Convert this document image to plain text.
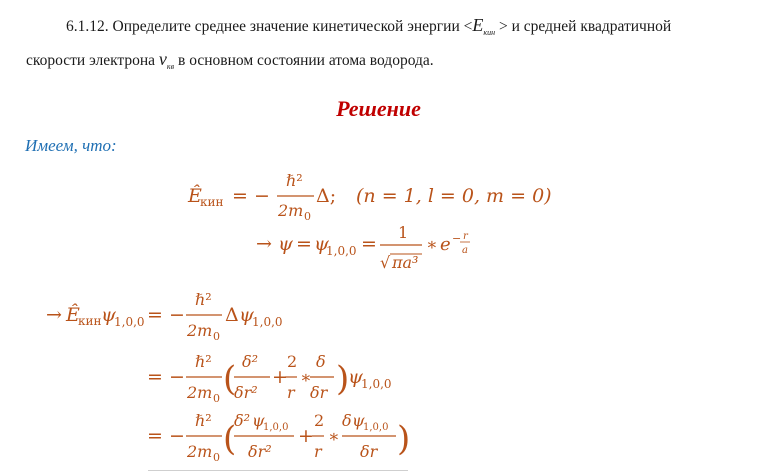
6.1.12. Определите среднее значение кинетической энергии $<E_{кин} > и$ средней квадратичной
скорости электрона $v_{кв}$ в основном состоянии атома водорода.
Решение
Имеем, что:
Ê
кин = −
ℏ²
2m 0
Δ; (n = 1, l = 0, m = 0)
→ ψ = ψ
1,0,0 =
1
√ πa³
∗ e − r
a
→ Ê
кин ψ
1,0,0 = −
ℏ²
2m 0
Δ ψ
1,0,0
= −
ℏ²
2m 0 ( δ²
δr²
+
2
r
∗
δ
δr )
ψ
1,0,0
= −
ℏ²
2m 0 (
δ² ψ
1,0,0
δr²
+
2
r
∗
δ ψ
1,0,0
δr )
